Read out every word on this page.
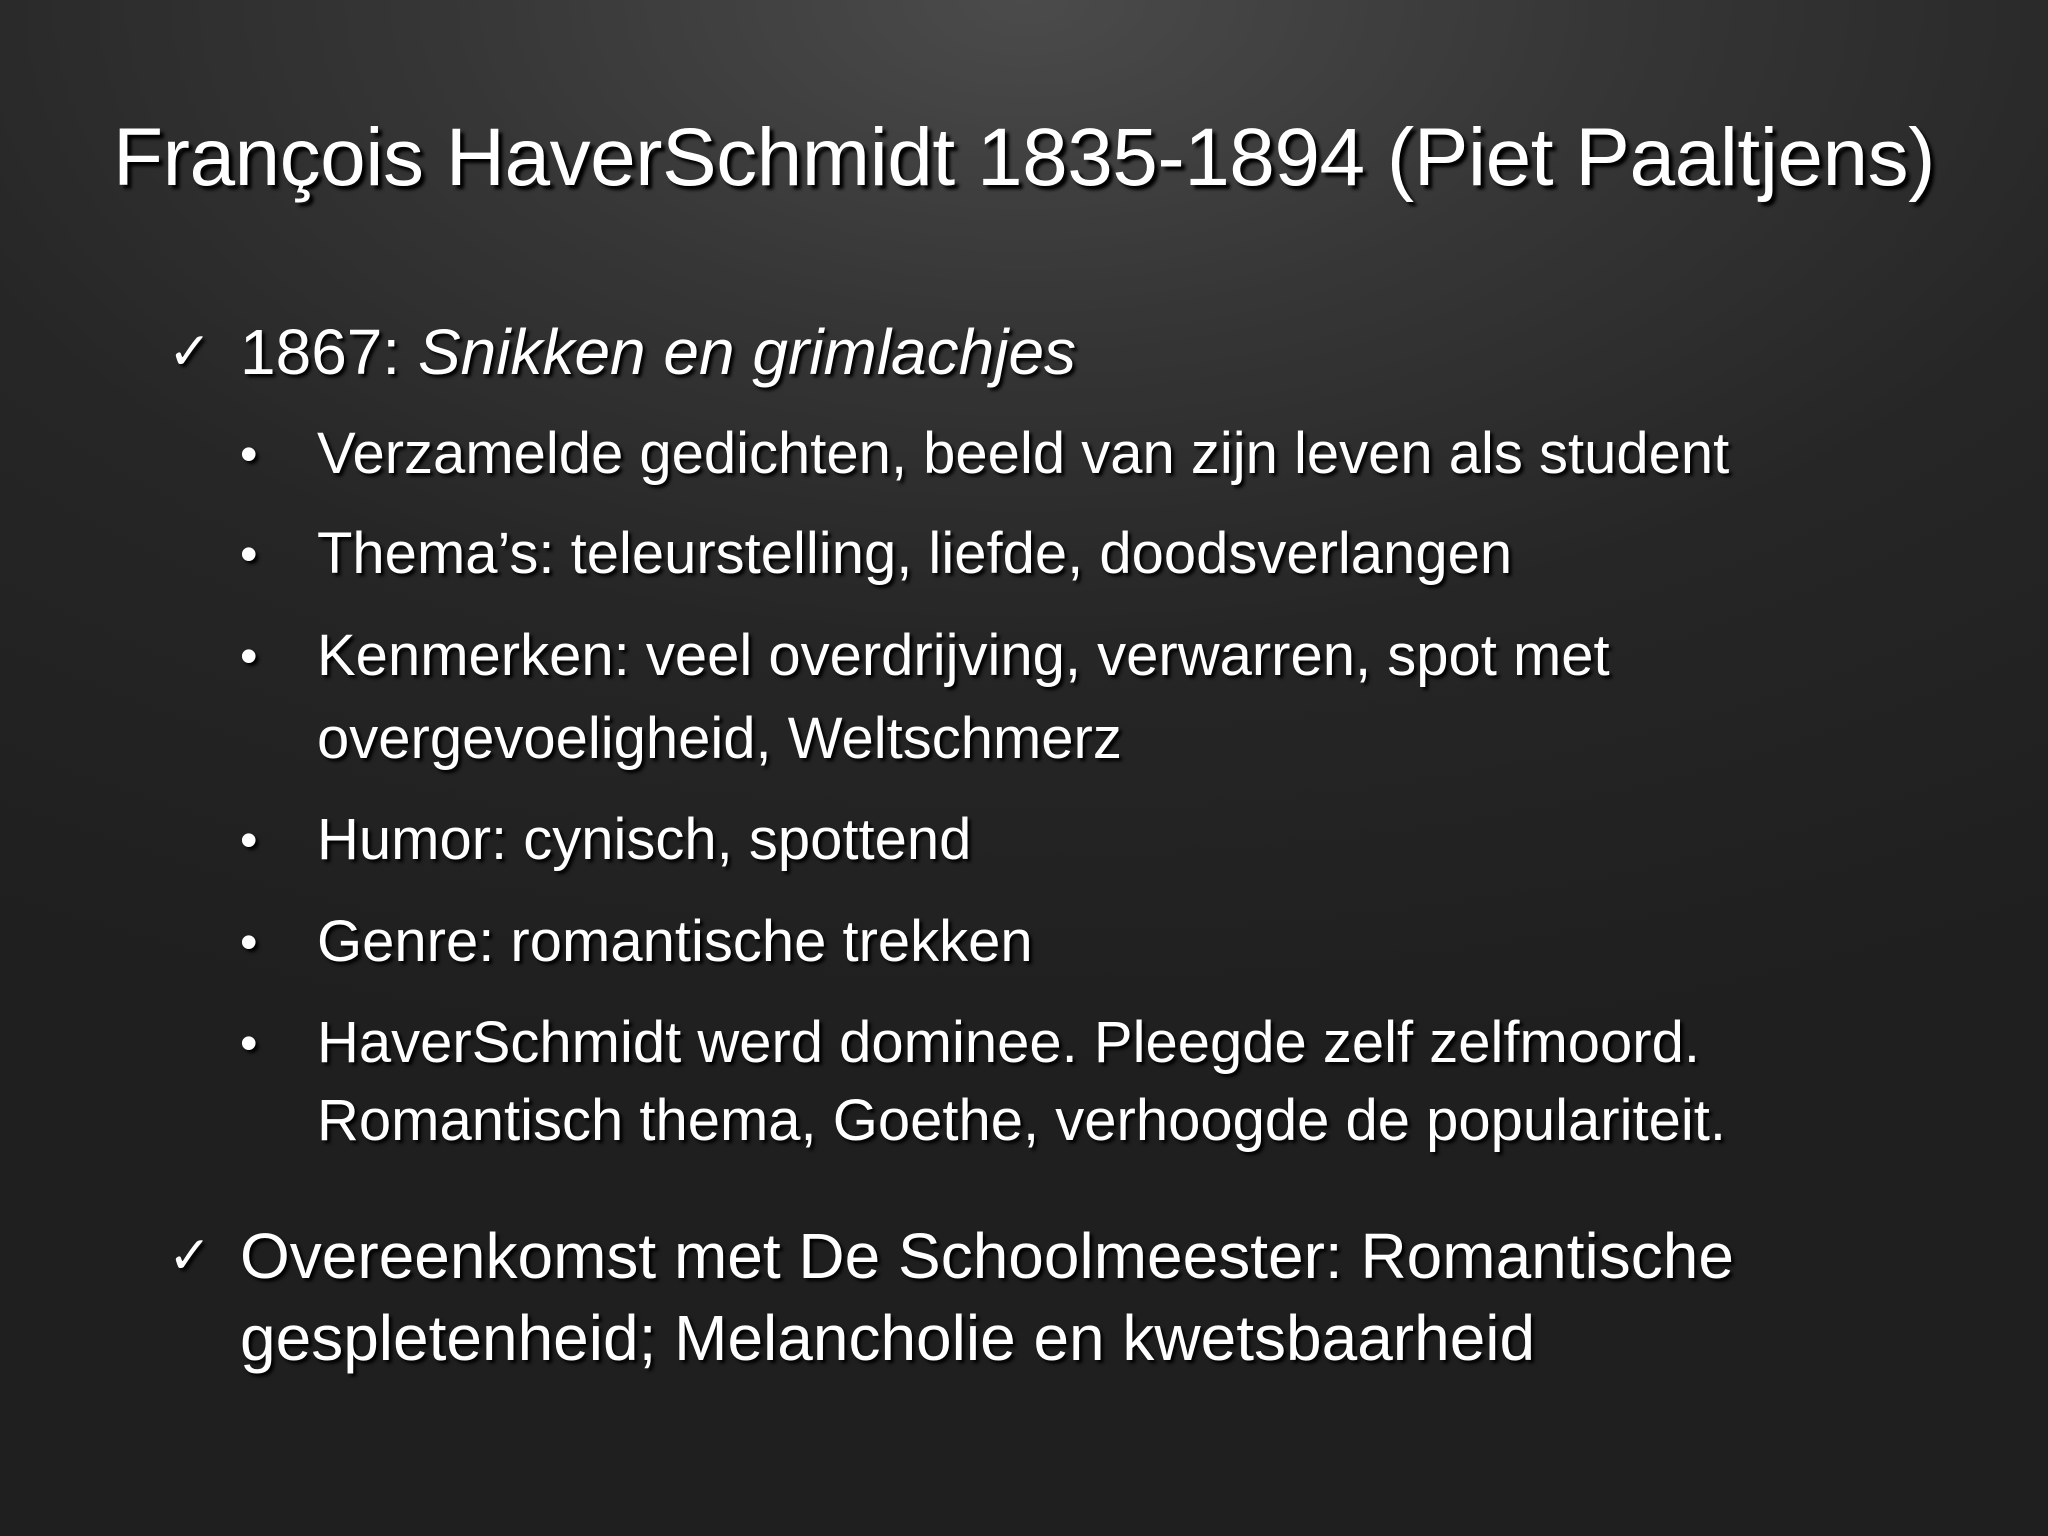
François HaverSchmidt 1835-1894 (Piet Paaltjens)
✓ 1867: Snikken en grimlachjes

• Verzamelde gedichten, beeld van zijn leven als student

• Thema’s: teleurstelling, liefde, doodsverlangen

• Kenmerken: veel overdrijving, verwarren, spot met

overgevoeligheid, Weltschmerz

• Humor: cynisch, spottend

• Genre: romantische trekken

• HaverSchmidt werd dominee. Pleegde zelf zelfmoord.

Romantisch thema, Goethe, verhoogde de populariteit.

✓ Overeenkomst met De Schoolmeester: Romantische

gespletenheid; Melancholie en kwetsbaarheid
